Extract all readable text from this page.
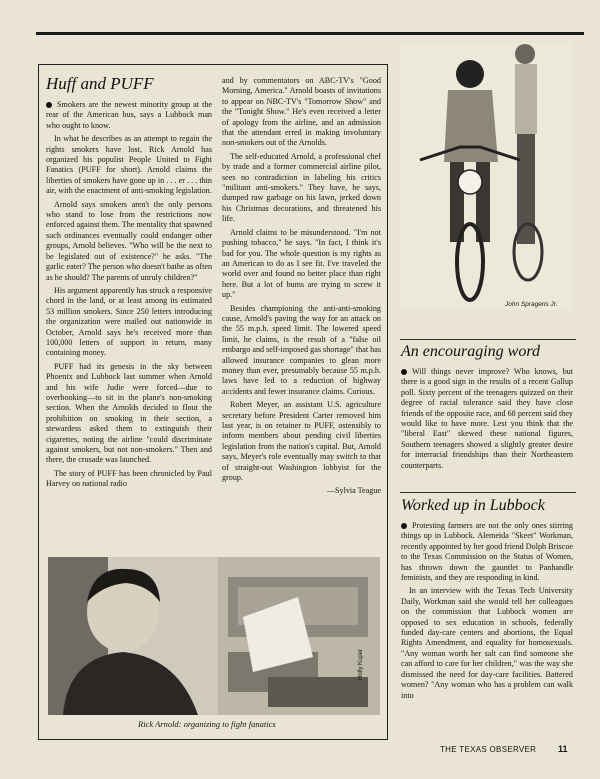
Huff and PUFF

Smokers are the newest minority group at the rear of the American bus, says a Lubbock man who ought to know.

In what he describes as an attempt to regain the rights smokers have lost, Rick Arnold has organized his populist People United to Fight Fanatics (PUFF for short). Arnold claims the liberties of smokers have gone up in . . . er . . . thin air, with the enactment of anti-smoking legislation.

Arnold says smokers aren't the only persons who stand to lose from the restrictions now enforced against them. The mentality that spawned such ordinances eventually could endanger other groups, Arnold believes. "Who will be the next to be legislated out of existence?" he asks. "The garlic eater? The person who doesn't bathe as often as he should? The parents of unruly children?"

His argument apparently has struck a responsive chord in the land, or at least among its estimated 53 million smokers. Since 250 letters introducing the organization were mailed out nationwide in October, Arnold says he's received more than 100,000 letters of support in return, many containing money.

PUFF had its genesis in the sky between Phoenix and Lubbock last summer when Arnold and his wife Judie were forced—due to overbooking—to sit in the plane's non-smoking section. When the Arnolds decided to flout the prohibition on smoking in their section, a stewardess asked them to extinguish their cigarettes, noting the airline "could discriminate against smokers, but not non-smokers." Then and there, the crusade was launched.

The story of PUFF has been chronicled by Paul Harvey on national radio

and by commentators on ABC-TV's "Good Morning, America." Arnold boasts of invitations to appear on NBC-TV's "Tomorrow Show" and the "Tonight Show." He's even received a letter of apology from the airline, and an admission that the attendant erred in making involuntary non-smokers out of the Arnolds.

The self-educated Arnold, a professional chef by trade and a former commercial airline pilot, sees no contradiction in labeling his critics "militant anti-smokers." They have, he says, dumped raw garbage on his lawn, jerked down his Christmas decorations, and threatened his life.

Arnold claims to be misunderstood. "I'm not pushing tobacco," he says. "In fact, I think it's bad for you. The whole question is my rights as an American to do as I see fit. I've traveled the world over and found no better place than right here. But a lot of bums are trying to screw it up."

Besides championing the anti-anti-smoking cause, Arnold's paving the way for an attack on the 55 m.p.h. speed limit. The lowered speed limit, he claims, is the result of a "false oil embargo and self-imposed gas shortage" that has allowed insurance companies to glean more money than ever, presumably because 55 m.p.h. laws have led to a reduction of highway accidents and fewer insurance claims. Curious.

Robert Meyer, an assistant U.S. agriculture secretary before President Carter removed him last year, is on retainer to PUFF, ostensibly to inform members about pending civil liberties legislation from the nation's capital. But, Arnold says, Meyer's role eventually may switch to that of straight-out Washington lobbyist for the group.

—Sylvia Teague
Holly Kuper
Rick Arnold: organizing to fight fanatics
John Spragens Jr.
An encouraging word

Will things never improve? Who knows, but there is a good sign in the results of a recent Gallup poll. Sixty percent of the teenagers quizzed on their degree of racial tolerance said they have close friends of the opposite race, and 68 percent said they would like to have more. Lest you think that the "liberal East" skewed these national figures, Southern teenagers showed a slightly greater desire for interracial friendships than their Northeastern counterparts.

Worked up in Lubbock

Protesting farmers are not the only ones stirring things up in Lubbock. Alemeida "Skeet" Workman, recently appointed by her good friend Dolph Briscoe to the Texas Commission on the Status of Women, has thrown down the gauntlet to Panhandle feminists, and they are responding in kind.

In an interview with the Texas Tech University Daily, Workman said she would tell her colleagues on the commission that Lubbock women are opposed to sex education in schools, federally funded day-care centers and abortions, the Equal Rights Amendment, and equality for homosexuals. "Any woman worth her salt can find someone she can afford to care for her children," was the way she dismissed the need for day-care facilities. Battered women? "Any woman who has a problem can walk into

THE TEXAS OBSERVER 11
